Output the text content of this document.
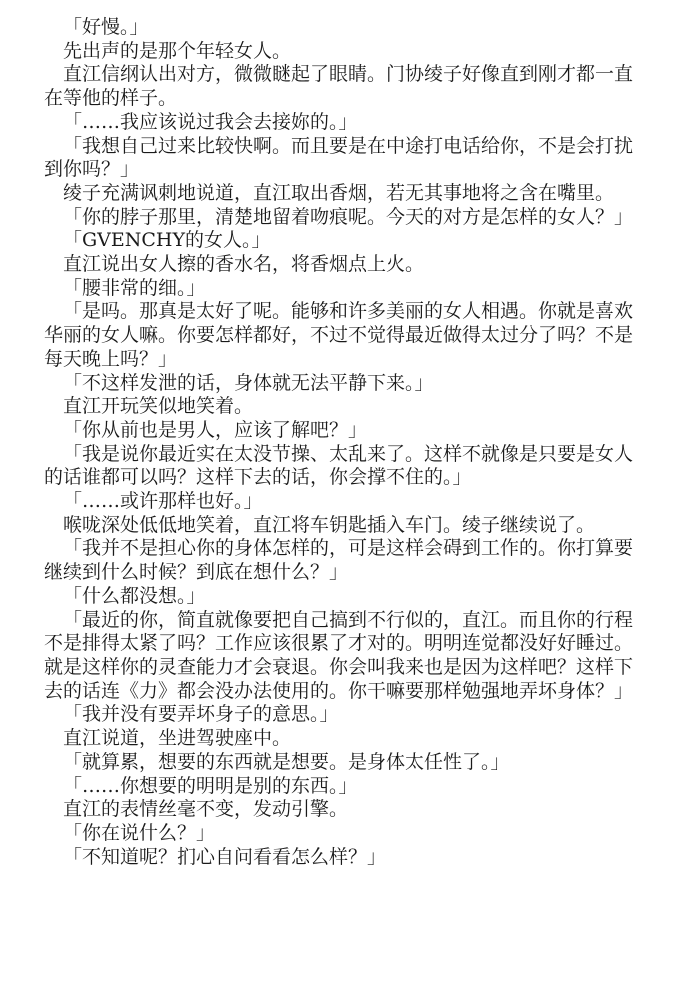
「好慢。」

先出声的是那个年轻女人。

直江信纲认出对方，微微瞇起了眼睛。门协绫子好像直到刚才都一直在等他的样子。

「……我应该说过我会去接妳的。」

「我想自己过来比较快啊。而且要是在中途打电话给你，不是会打扰到你吗？」

绫子充满讽刺地说道，直江取出香烟，若无其事地将之含在嘴里。

「你的脖子那里，清楚地留着吻痕呢。今天的对方是怎样的女人？」

「GVENCHY的女人。」

直江说出女人擦的香水名，将香烟点上火。

「腰非常的细。」

「是吗。那真是太好了呢。能够和许多美丽的女人相遇。你就是喜欢华丽的女人嘛。你要怎样都好，不过不觉得最近做得太过分了吗？不是每天晚上吗？」

「不这样发泄的话，身体就无法平静下来。」

直江开玩笑似地笑着。

「你从前也是男人，应该了解吧？」

「我是说你最近实在太没节操、太乱来了。这样不就像是只要是女人的话谁都可以吗？这样下去的话，你会撑不住的。」

「……或许那样也好。」

喉咙深处低低地笑着，直江将车钥匙插入车门。绫子继续说了。

「我并不是担心你的身体怎样的，可是这样会碍到工作的。你打算要继续到什么时候？到底在想什么？」

「什么都没想。」

「最近的你，简直就像要把自己搞到不行似的，直江。而且你的行程不是排得太紧了吗？工作应该很累了才对的。明明连觉都没好好睡过。就是这样你的灵查能力才会衰退。你会叫我来也是因为这样吧？这样下去的话连《力》都会没办法使用的。你干嘛要那样勉强地弄坏身体？」

「我并没有要弄坏身子的意思。」

直江说道，坐进驾驶座中。

「就算累，想要的东西就是想要。是身体太任性了。」

「……你想要的明明是别的东西。」

直江的表情丝毫不变，发动引擎。

「你在说什么？」

「不知道呢？扪心自问看看怎么样？」
